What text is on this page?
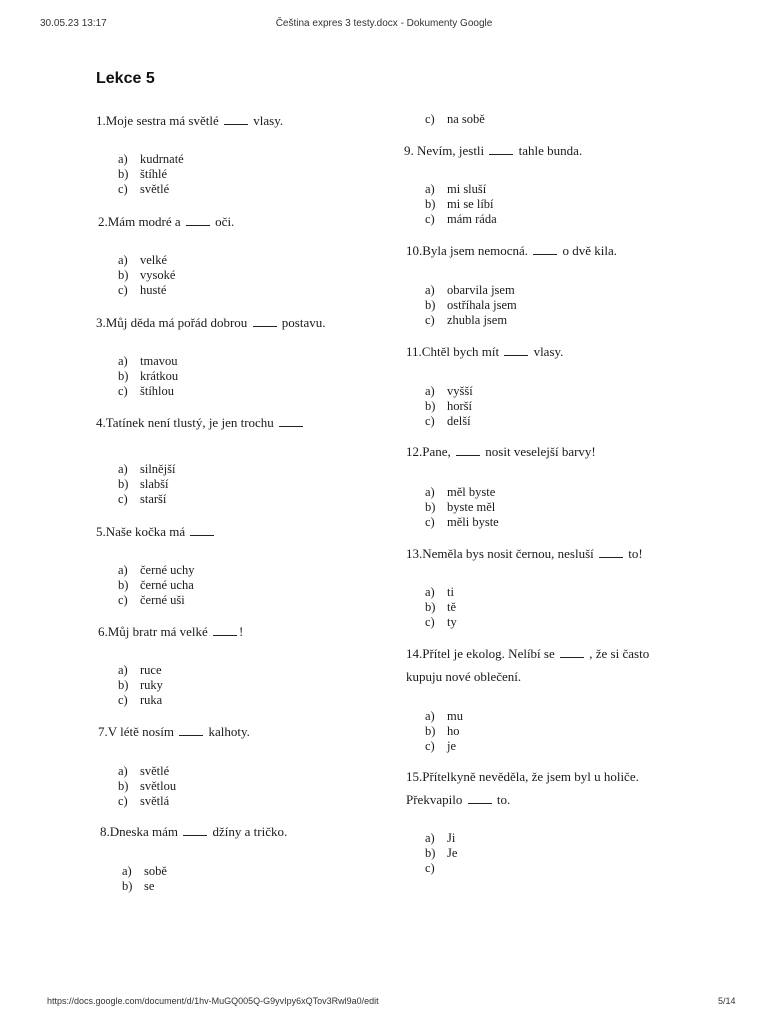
30.05.23 13:17	Čeština expres 3 testy.docx - Dokumenty Google
Lekce 5
1.Moje sestra má světlé	vlasy.
a) kudrnaté
b) štíhlé
c) světlé
2.Mám modré a	oči.
a) velké
b) vysoké
c) husté
3.Můj děda má pořád dobrou	postavu.
a) tmavou
b) krátkou
c) štíhlou
4.Tatínek není tlustý, je jen trochu
a) silnější
b) slabší
c) starší
5.Naše kočka má
a) černé uchy
b) černé ucha
c) černé uši
6.Můj bratr má velké !
a) ruce
b) ruky
c) ruka
7.V létě nosím	kalhoty.
a) světlé
b) světlou
c) světlá
8.Dneska mám	džíny a tričko.
a) sobě
b) se
c) na sobě
9. Nevím, jestli	tahle bunda.
a) mi sluší
b) mi se líbí
c) mám ráda
10.Byla jsem nemocná.	o dvě kila.
a) obarvila jsem
b) ostříhala jsem
c) zhubla jsem
11.Chtěl bych mít	vlasy.
a) vyšší
b) horší
c) delší
12.Pane,	nosit veselejší barvy!
a) měl byste
b) byste měl
c) měli byste
13.Neměla bys nosit černou, nesluší	to!
a) ti
b) tě
c) ty
14.Přítel je ekolog. Nelíbí se	, že si často
kupuju nové oblečení.
a) mu
b) ho
c) je
15.Přítelkyně nevěděla, že jsem byl u holiče.
Překvapilo	to.
a) Ji
b) Je
c)
https://docs.google.com/document/d/1hv-MuGQ005Q-G9yvIpy6xQTov3Rwl9a0/edit	5/14
